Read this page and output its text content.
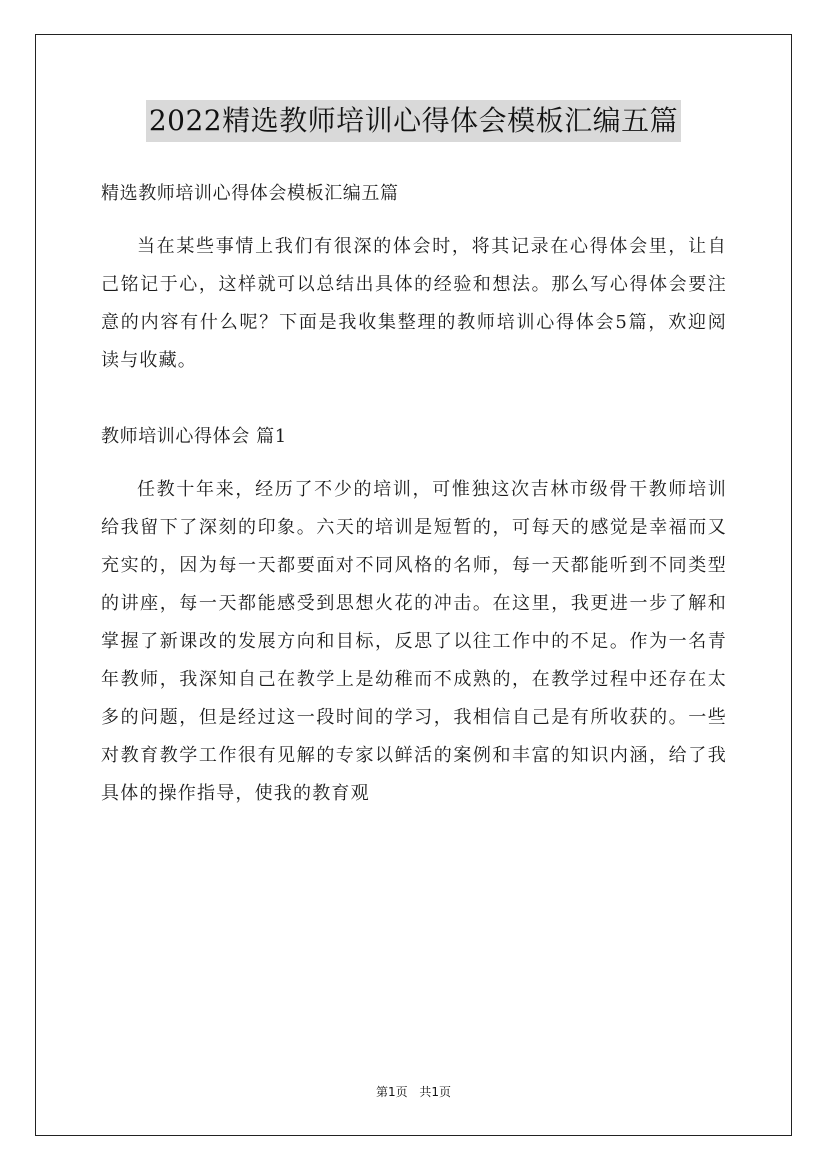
2022精选教师培训心得体会模板汇编五篇

精选教师培训心得体会模板汇编五篇

当在某些事情上我们有很深的体会时，将其记录在心得体会里，让自己铭记于心，这样就可以总结出具体的经验和想法。那么写心得体会要注意的内容有什么呢？下面是我收集整理的教师培训心得体会5篇，欢迎阅读与收藏。

教师培训心得体会 篇1

任教十年来，经历了不少的培训，可惟独这次吉林市级骨干教师培训给我留下了深刻的印象。六天的培训是短暂的，可每天的感觉是幸福而又充实的，因为每一天都要面对不同风格的名师，每一天都能听到不同类型的讲座，每一天都能感受到思想火花的冲击。在这里，我更进一步了解和掌握了新课改的发展方向和目标，反思了以往工作中的不足。作为一名青年教师，我深知自己在教学上是幼稚而不成熟的，在教学过程中还存在太多的问题，但是经过这一段时间的学习，我相信自己是有所收获的。一些对教育教学工作很有见解的专家以鲜活的案例和丰富的知识内涵，给了我具体的操作指导，使我的教育观

第1页 共1页
